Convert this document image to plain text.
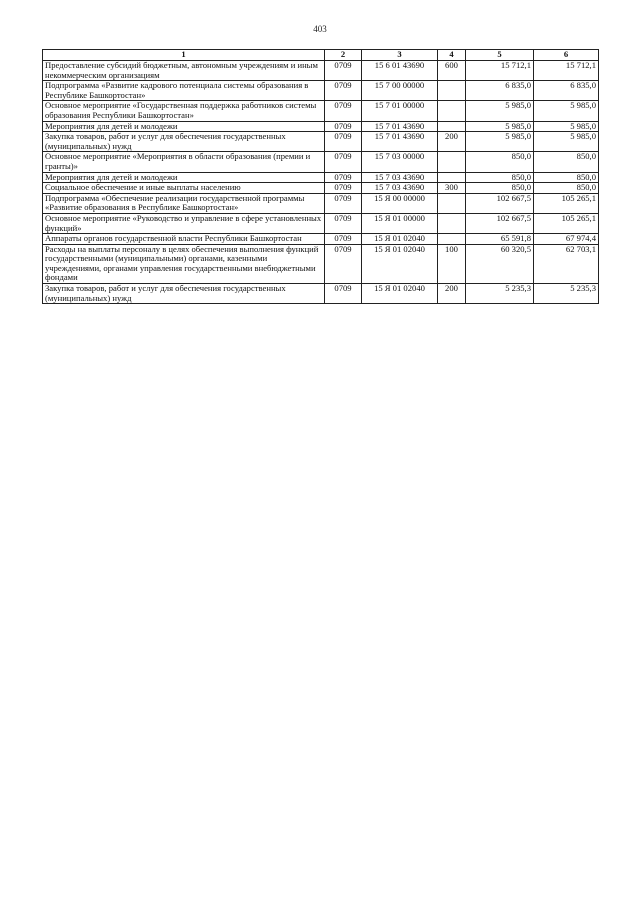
403
1	2	3	4	5	6
Предоставление субсидий бюджетным, автономным учреждениям и иным некоммерческим организациям	0709	15 6 01 43690	600	15 712,1	15 712,1
Подпрограмма «Развитие кадрового потенциала системы образования в Республике Башкортостан»	0709	15 7 00 00000		6 835,0	6 835,0
Основное мероприятие «Государственная поддержка работников системы образования Республики Башкортостан»	0709	15 7 01 00000		5 985,0	5 985,0
Мероприятия для детей и молодежи	0709	15 7 01 43690		5 985,0	5 985,0
Закупка товаров, работ и услуг для обеспечения государственных (муниципальных) нужд	0709	15 7 01 43690	200	5 985,0	5 985,0
Основное мероприятие «Мероприятия в области образования (премии и гранты)»	0709	15 7 03 00000		850,0	850,0
Мероприятия для детей и молодежи	0709	15 7 03 43690		850,0	850,0
Социальное обеспечение и иные выплаты населению	0709	15 7 03 43690	300	850,0	850,0
Подпрограмма «Обеспечение реализации государственной программы «Развитие образования в Республике Башкортостан»	0709	15 Я 00 00000		102 667,5	105 265,1
Основное мероприятие «Руководство и управление в сфере установленных функций»	0709	15 Я 01 00000		102 667,5	105 265,1
Аппараты органов государственной власти Республики Башкортостан	0709	15 Я 01 02040		65 591,8	67 974,4
Расходы на выплаты персоналу в целях обеспечения выполнения функций государственными (муниципальными) органами, казенными учреждениями, органами управления государственными внебюджетными фондами	0709	15 Я 01 02040	100	60 320,5	62 703,1
Закупка товаров, работ и услуг для обеспечения государственных (муниципальных) нужд	0709	15 Я 01 02040	200	5 235,3	5 235,3
